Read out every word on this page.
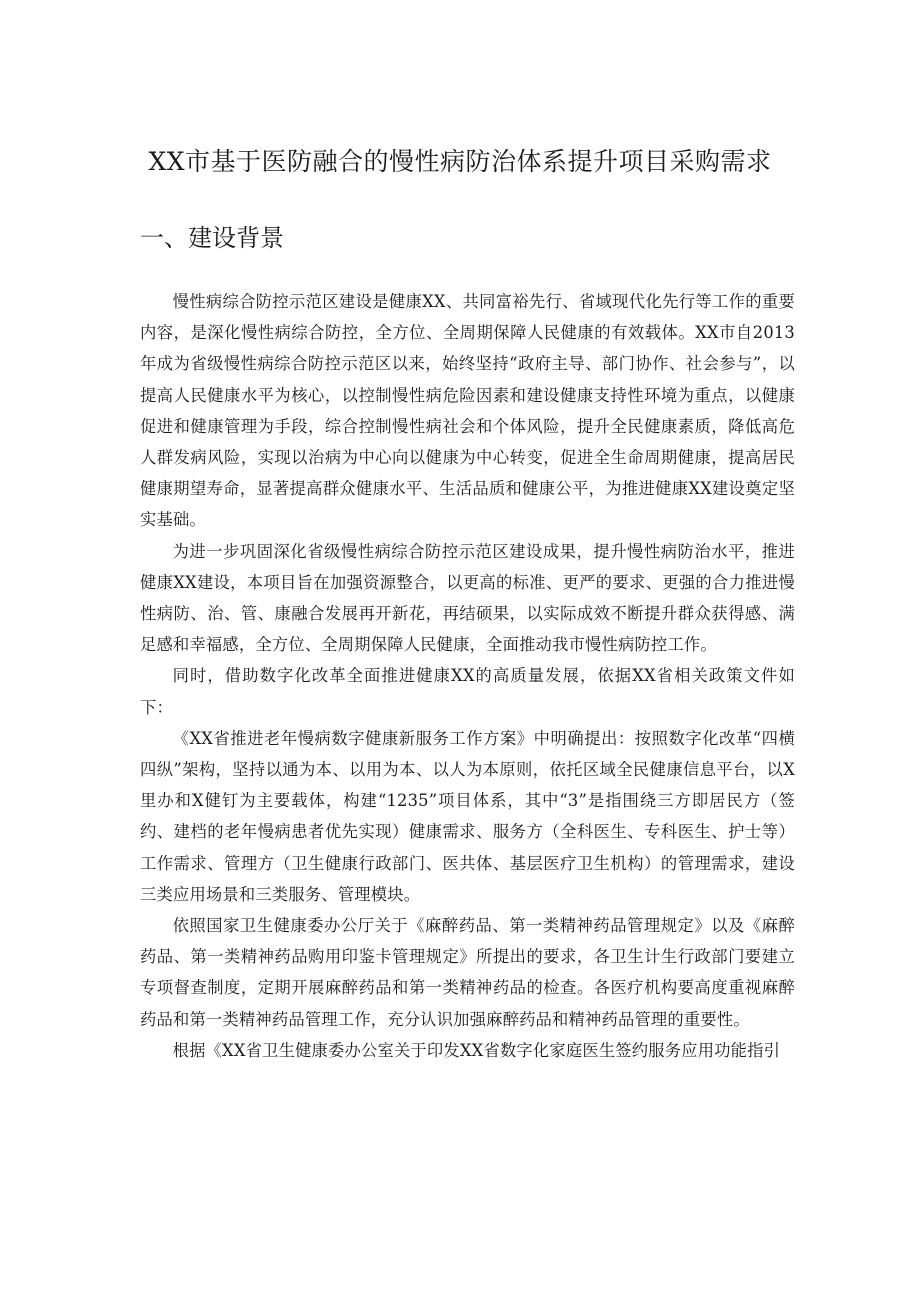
XX市基于医防融合的慢性病防治体系提升项目采购需求
一、建设背景

慢性病综合防控示范区建设是健康XX、共同富裕先行、省域现代化先行等工作的重要内容，是深化慢性病综合防控，全方位、全周期保障人民健康的有效载体。XX市自2013年成为省级慢性病综合防控示范区以来，始终坚持“政府主导、部门协作、社会参与”，以提高人民健康水平为核心，以控制慢性病危险因素和建设健康支持性环境为重点，以健康促进和健康管理为手段，综合控制慢性病社会和个体风险，提升全民健康素质，降低高危人群发病风险，实现以治病为中心向以健康为中心转变，促进全生命周期健康，提高居民健康期望寿命，显著提高群众健康水平、生活品质和健康公平，为推进健康XX建设奠定坚实基础。

为进一步巩固深化省级慢性病综合防控示范区建设成果，提升慢性病防治水平，推进健康XX建设，本项目旨在加强资源整合，以更高的标准、更严的要求、更强的合力推进慢性病防、治、管、康融合发展再开新花，再结硕果，以实际成效不断提升群众获得感、满足感和幸福感，全方位、全周期保障人民健康，全面推动我市慢性病防控工作。

同时，借助数字化改革全面推进健康XX的高质量发展，依据XX省相关政策文件如下：

《XX省推进老年慢病数字健康新服务工作方案》中明确提出：按照数字化改革“四横四纵”架构，坚持以通为本、以用为本、以人为本原则，依托区域全民健康信息平台，以X里办和X健钉为主要载体，构建“1235”项目体系，其中“3”是指围绕三方即居民方（签约、建档的老年慢病患者优先实现）健康需求、服务方（全科医生、专科医生、护士等）工作需求、管理方（卫生健康行政部门、医共体、基层医疗卫生机构）的管理需求，建设三类应用场景和三类服务、管理模块。

依照国家卫生健康委办公厅关于《麻醉药品、第一类精神药品管理规定》以及《麻醉药品、第一类精神药品购用印鉴卡管理规定》所提出的要求，各卫生计生行政部门要建立专项督查制度，定期开展麻醉药品和第一类精神药品的检查。各医疗机构要高度重视麻醉药品和第一类精神药品管理工作，充分认识加强麻醉药品和精神药品管理的重要性。

根据《XX省卫生健康委办公室关于印发XX省数字化家庭医生签约服务应用功能指引
